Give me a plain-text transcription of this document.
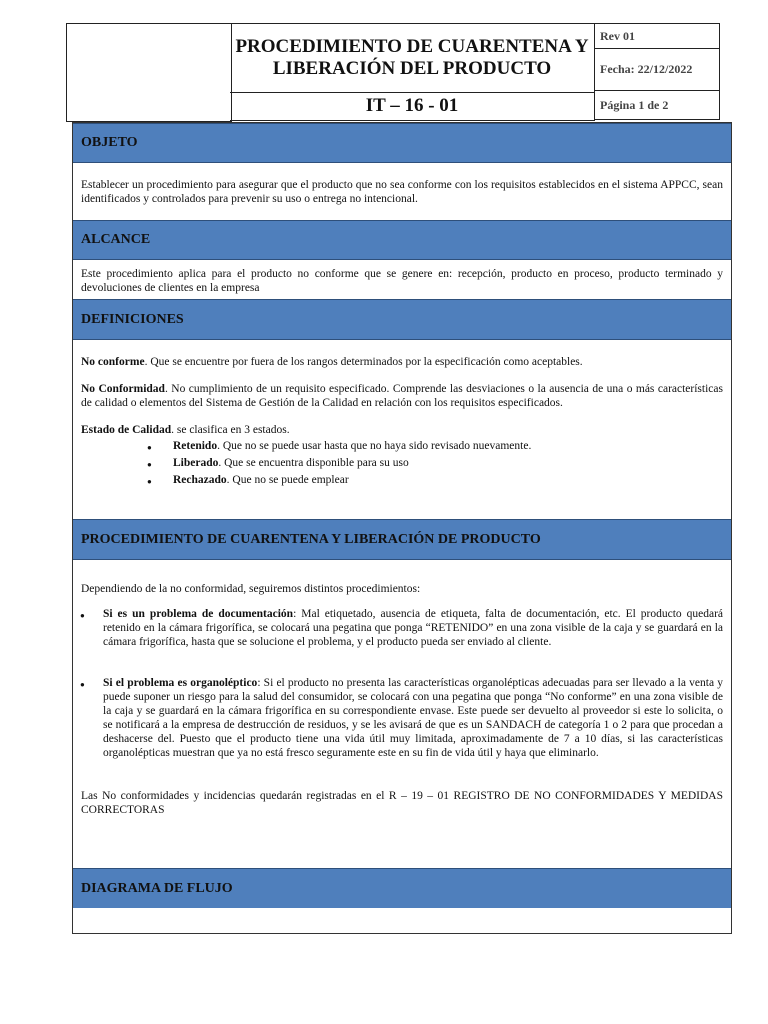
PROCEDIMIENTO DE CUARENTENA Y LIBERACIÓN DEL PRODUCTO
IT – 16 - 01
Rev 01
Fecha: 22/12/2022
Página 1 de 2
OBJETO

Establecer un procedimiento para asegurar que el producto que no sea conforme con los requisitos establecidos en el sistema APPCC, sean identificados y controlados para prevenir su uso o entrega no intencional.

ALCANCE

Este procedimiento aplica para el producto no conforme que se genere en: recepción, producto en proceso, producto terminado y devoluciones de clientes en la empresa

DEFINICIONES

No conforme. Que se encuentre por fuera de los rangos determinados por la especificación como aceptables.

No Conformidad. No cumplimiento de un requisito especificado. Comprende las desviaciones o la ausencia de una o más características de calidad o elementos del Sistema de Gestión de la Calidad en relación con los requisitos especificados.

Estado de Calidad. se clasifica en 3 estados.

● Retenido. Que no se puede usar hasta que no haya sido revisado nuevamente.
● Liberado. Que se encuentra disponible para su uso
● Rechazado. Que no se puede emplear
PROCEDIMIENTO DE CUARENTENA Y LIBERACIÓN DE PRODUCTO

Dependiendo de la no conformidad, seguiremos distintos procedimientos:

● Si es un problema de documentación: Mal etiquetado, ausencia de etiqueta, falta de documentación, etc. El producto quedará retenido en la cámara frigorífica, se colocará una pegatina que ponga “RETENIDO” en una zona visible de la caja y se guardará en la cámara frigorífica, hasta que se solucione el problema, y el producto pueda ser enviado al cliente.
● Si el problema es organoléptico: Si el producto no presenta las características organolépticas adecuadas para ser llevado a la venta y puede suponer un riesgo para la salud del consumidor, se colocará con una pegatina que ponga “No conforme” en una zona visible de la caja y se guardará en la cámara frigorífica en su correspondiente envase. Este puede ser devuelto al proveedor si este lo solicita, o se notificará a la empresa de destrucción de residuos, y se les avisará de que es un SANDACH de categoría 1 o 2 para que procedan a deshacerse del. Puesto que el producto tiene una vida útil muy limitada, aproximadamente de 7 a 10 días, si las características organolépticas muestran que ya no está fresco seguramente este en su fin de vida útil y haya que eliminarlo.

Las No conformidades y incidencias quedarán registradas en el R – 19 – 01 REGISTRO DE NO CONFORMIDADES Y MEDIDAS CORRECTORAS

DIAGRAMA DE FLUJO
